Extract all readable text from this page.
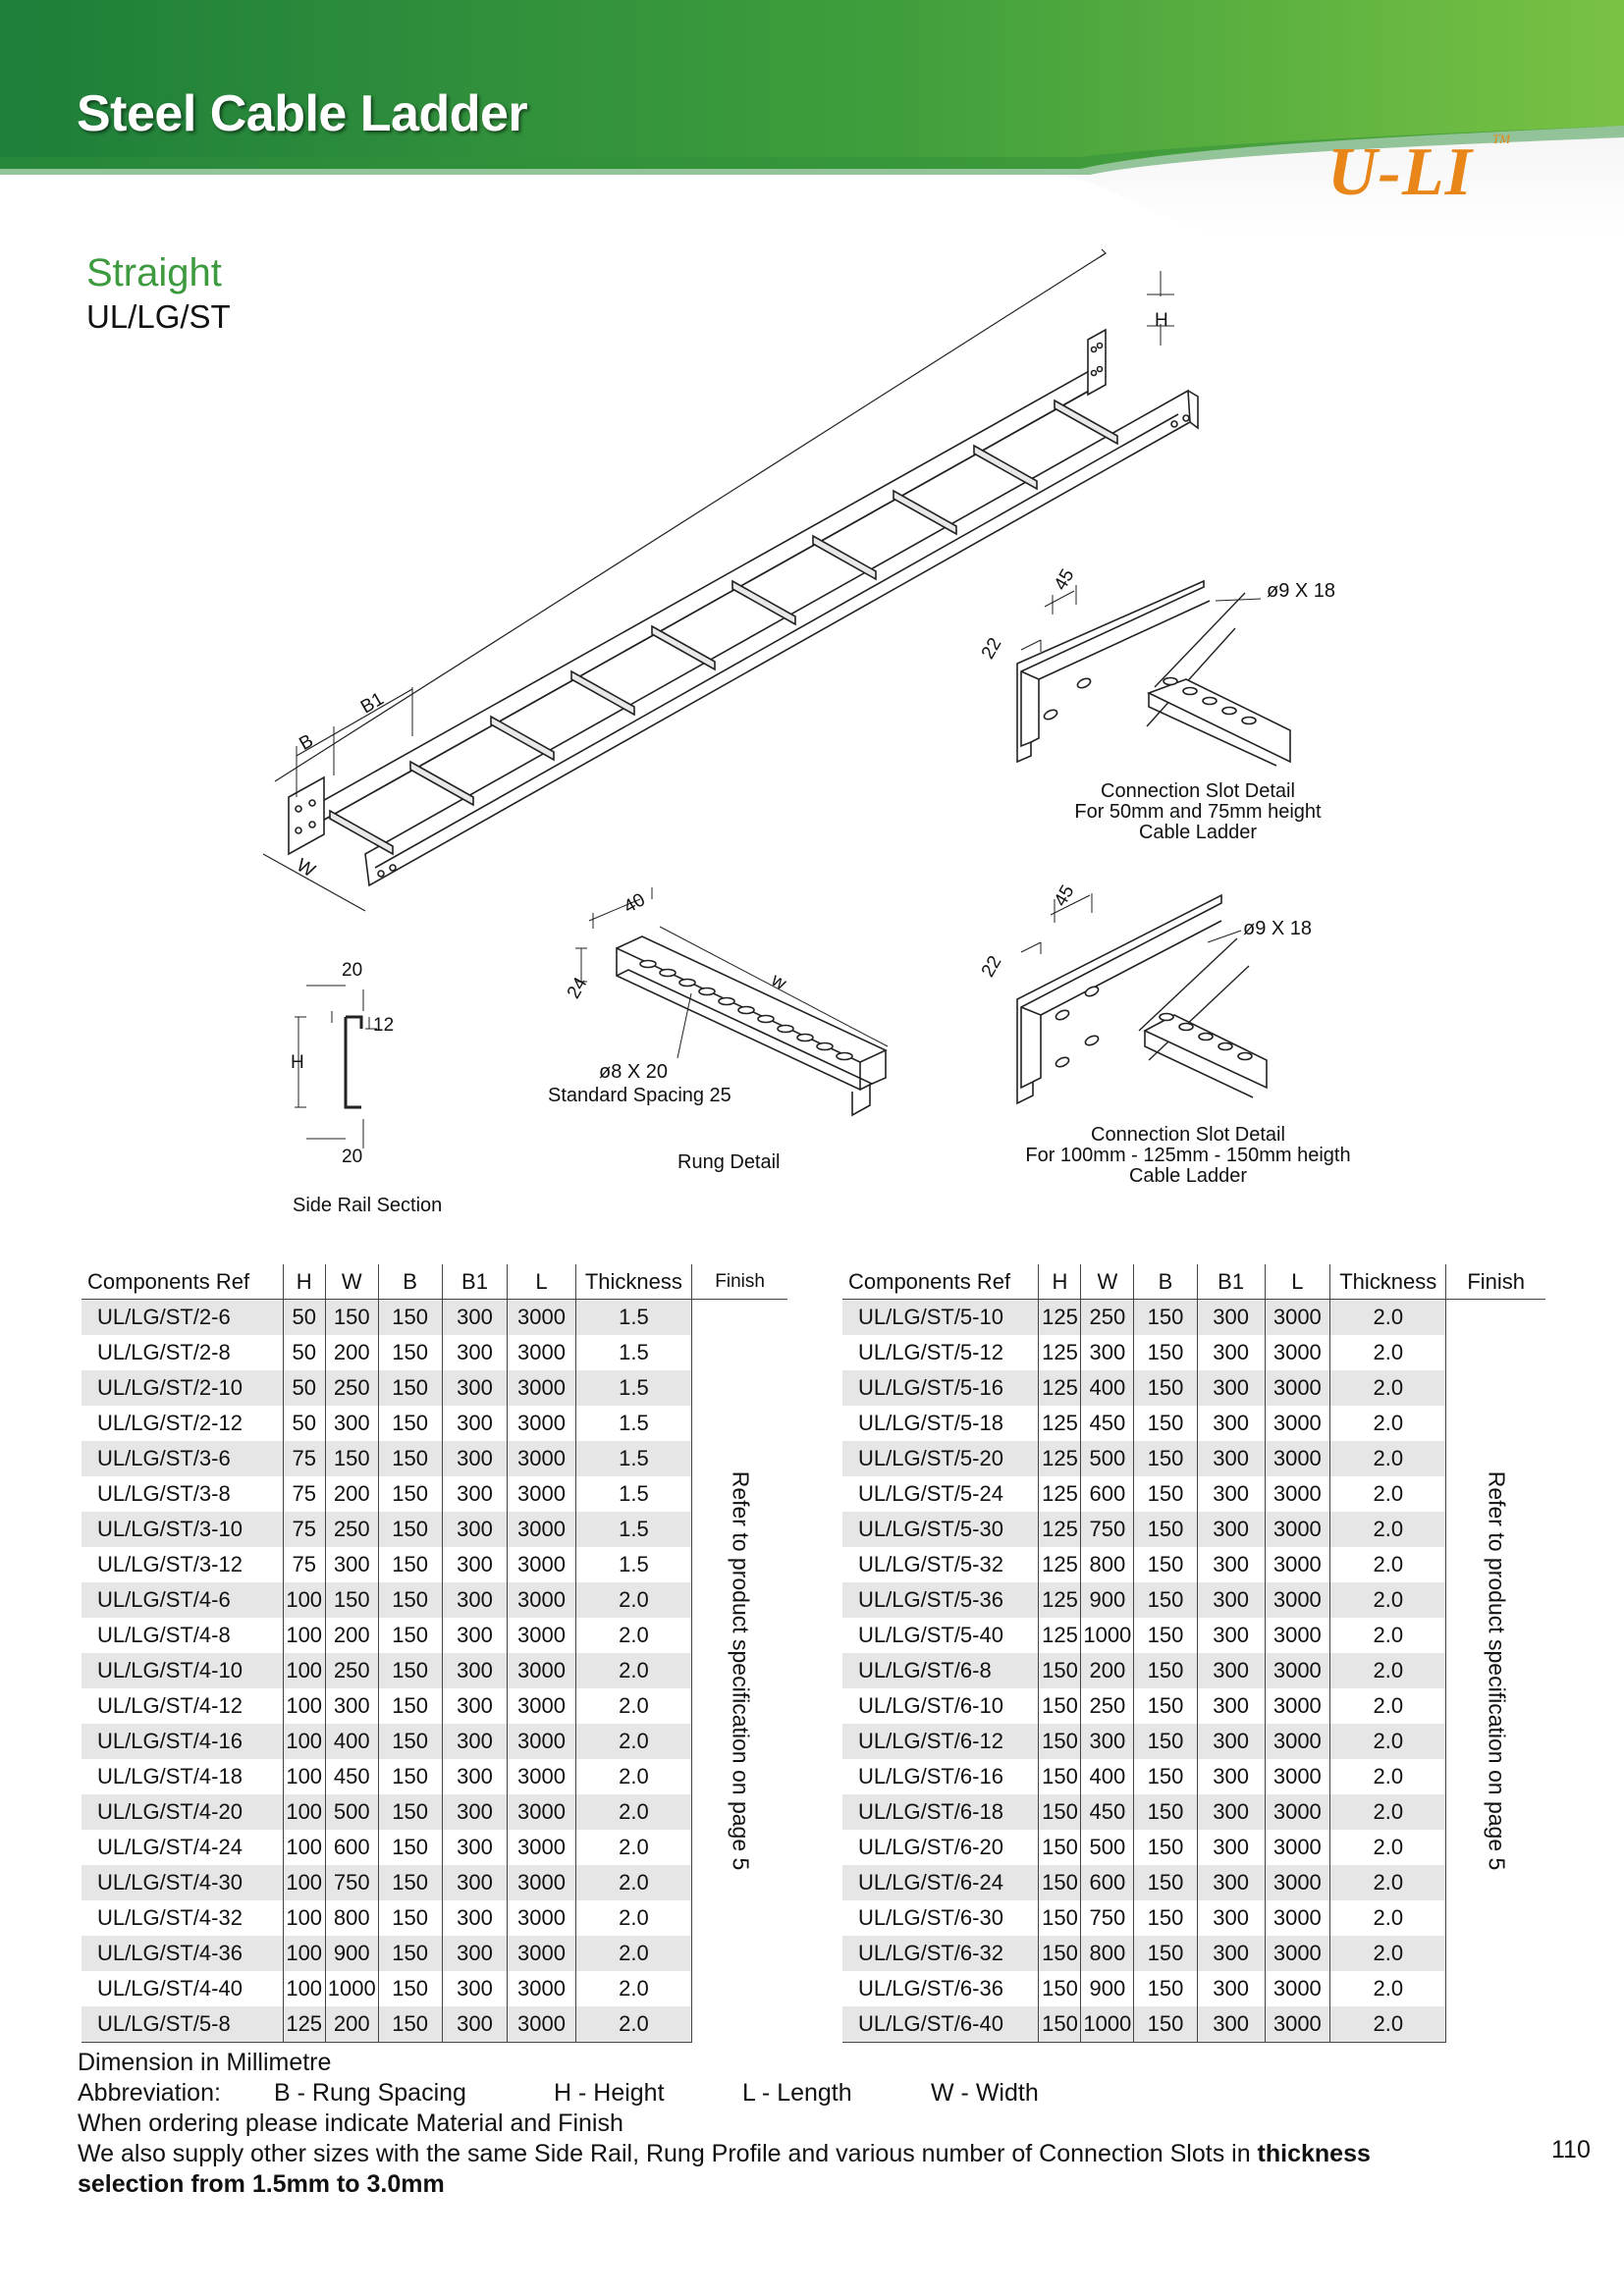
Steel Cable Ladder
U-LI TM
Straight
UL/LG/ST
B
B1
W
H
20
12
H
20
Side Rail Section
40
24	w
ø8 X 20
Standard Spacing 25
Rung Detail
45
22
ø9 X 18
Connection Slot Detail
For 50mm and 75mm height
Cable Ladder
45
22
ø9 X 18
Connection Slot Detail
For 100mm - 125mm - 150mm heigth
Cable Ladder
Components Ref	H	W	B	B1	L	Thickness	Finish
UL/LG/ST/2-6	50	150	150	300	3000	1.5	Refer to product specification on page 5

UL/LG/ST/2-8	50	200	150	300	3000	1.5	
UL/LG/ST/2-10	50	250	150	300	3000	1.5	
UL/LG/ST/2-12	50	300	150	300	3000	1.5	
UL/LG/ST/3-6	75	150	150	300	3000	1.5	
UL/LG/ST/3-8	75	200	150	300	3000	1.5	
UL/LG/ST/3-10	75	250	150	300	3000	1.5	
UL/LG/ST/3-12	75	300	150	300	3000	1.5	
UL/LG/ST/4-6	100	150	150	300	3000	2.0	
UL/LG/ST/4-8	100	200	150	300	3000	2.0	
UL/LG/ST/4-10	100	250	150	300	3000	2.0	
UL/LG/ST/4-12	100	300	150	300	3000	2.0	
UL/LG/ST/4-16	100	400	150	300	3000	2.0	
UL/LG/ST/4-18	100	450	150	300	3000	2.0	
UL/LG/ST/4-20	100	500	150	300	3000	2.0	
UL/LG/ST/4-24	100	600	150	300	3000	2.0	
UL/LG/ST/4-30	100	750	150	300	3000	2.0	
UL/LG/ST/4-32	100	800	150	300	3000	2.0	
UL/LG/ST/4-36	100	900	150	300	3000	2.0	
UL/LG/ST/4-40	100	1000	150	300	3000	2.0	
UL/LG/ST/5-8	125	200	150	300	3000	2.0	
Components Ref	H	W	B	B1	L	Thickness	Finish
UL/LG/ST/5-10	125	250	150	300	3000	2.0	Refer to product specification on page 5

UL/LG/ST/5-12	125	300	150	300	3000	2.0	
UL/LG/ST/5-16	125	400	150	300	3000	2.0	
UL/LG/ST/5-18	125	450	150	300	3000	2.0	
UL/LG/ST/5-20	125	500	150	300	3000	2.0	
UL/LG/ST/5-24	125	600	150	300	3000	2.0	
UL/LG/ST/5-30	125	750	150	300	3000	2.0	
UL/LG/ST/5-32	125	800	150	300	3000	2.0	
UL/LG/ST/5-36	125	900	150	300	3000	2.0	
UL/LG/ST/5-40	125	1000	150	300	3000	2.0	
UL/LG/ST/6-8	150	200	150	300	3000	2.0	
UL/LG/ST/6-10	150	250	150	300	3000	2.0	
UL/LG/ST/6-12	150	300	150	300	3000	2.0	
UL/LG/ST/6-16	150	400	150	300	3000	2.0	
UL/LG/ST/6-18	150	450	150	300	3000	2.0	
UL/LG/ST/6-20	150	500	150	300	3000	2.0	
UL/LG/ST/6-24	150	600	150	300	3000	2.0	
UL/LG/ST/6-30	150	750	150	300	3000	2.0	
UL/LG/ST/6-32	150	800	150	300	3000	2.0	
UL/LG/ST/6-36	150	900	150	300	3000	2.0	
UL/LG/ST/6-40	150	1000	150	300	3000	2.0	
Dimension in Millimetre
Abbreviation: B - Rung Spacing	H - Height	L - Length	W - Width
When ordering please indicate Material and Finish
We also supply other sizes with the same Side Rail, Rung Profile and various number of Connection Slots in thickness
selection from 1.5mm to 3.0mm
110
